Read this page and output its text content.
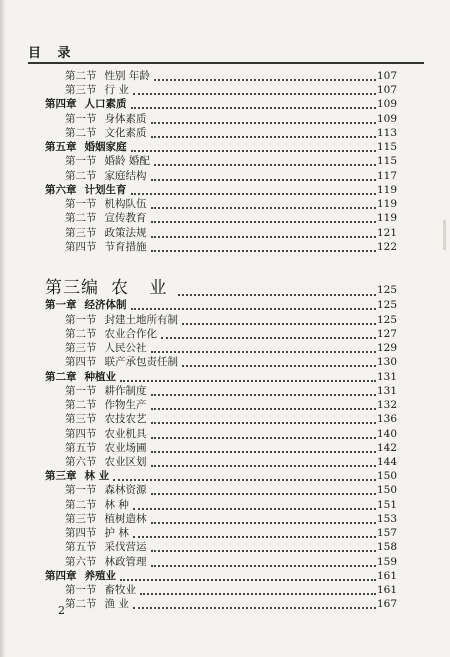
目 录
第二节 性别 年龄	107
第三节 行 业	107
第四章 人口素质	109
第一节 身体素质	109
第二节 文化素质	113
第五章 婚姻家庭	115
第一节 婚龄 婚配	115
第二节 家庭结构	117
第六章 计划生育	119
第一节 机构队伍	119
第二节 宣传教育	119
第三节 政策法规	121
第四节 节育措施	122
第三编 农 业	125
第一章 经济体制	125
第一节 封建土地所有制	125
第二节 农业合作化	127
第三节 人民公社	129
第四节 联产承包责任制	130
第二章 种植业	131
第一节 耕作制度	131
第二节 作物生产	132
第三节 农技农艺	136
第四节 农业机具	140
第五节 农业场圃	142
第六节 农业区划	144
第三章 林 业	150
第一节 森林资源	150
第二节 林 种	151
第三节 植树造林	153
第四节 护 林	157
第五节 采伐营运	158
第六节 林政管理	159
第四章 养殖业	161
第一节 畜牧业	161
第二节 渔 业	167
2
